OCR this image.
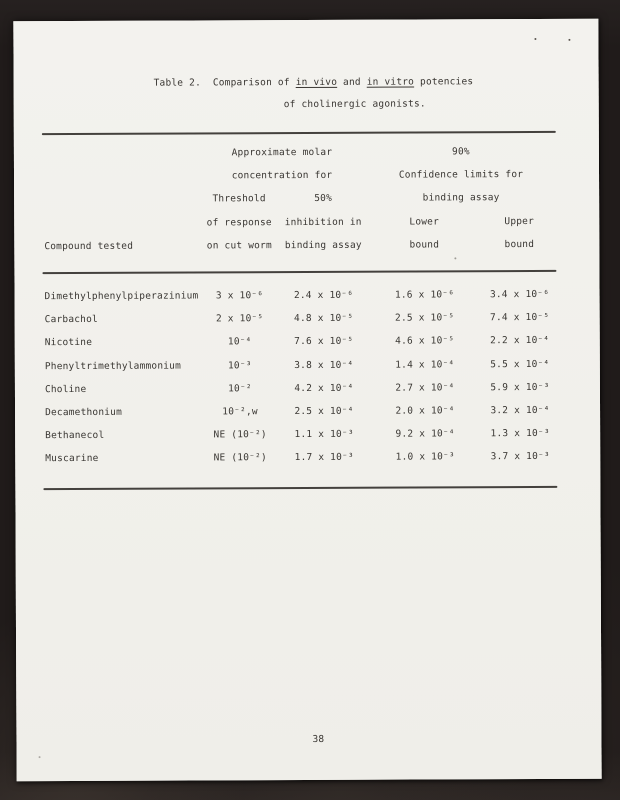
Table 2.  Comparison of in vivo and in vitro potencies
of cholinergic agonists.
Approximate molar	90%
concentration for	Confidence limits for
Threshold	50%	binding assay
of response	inhibition in	Lower	Upper
Compound tested	on cut worm	binding assay	bound	bound
Dimethylphenylpiperazinium	3 x 10⁻⁶	2.4 x 10⁻⁶	1.6 x 10⁻⁶	3.4 x 10⁻⁶
Carbachol	2 x 10⁻⁵	4.8 x 10⁻⁵	2.5 x 10⁻⁵	7.4 x 10⁻⁵
Nicotine	10⁻⁴	7.6 x 10⁻⁵	4.6 x 10⁻⁵	2.2 x 10⁻⁴
Phenyltrimethylammonium	10⁻³	3.8 x 10⁻⁴	1.4 x 10⁻⁴	5.5 x 10⁻⁴
Choline	10⁻²	4.2 x 10⁻⁴	2.7 x 10⁻⁴	5.9 x 10⁻³
Decamethonium	10⁻²,w	2.5 x 10⁻⁴	2.0 x 10⁻⁴	3.2 x 10⁻⁴
Bethanecol	NE (10⁻²)	1.1 x 10⁻³	9.2 x 10⁻⁴	1.3 x 10⁻³
Muscarine	NE (10⁻²)	1.7 x 10⁻³	1.0 x 10⁻³	3.7 x 10⁻³
38
